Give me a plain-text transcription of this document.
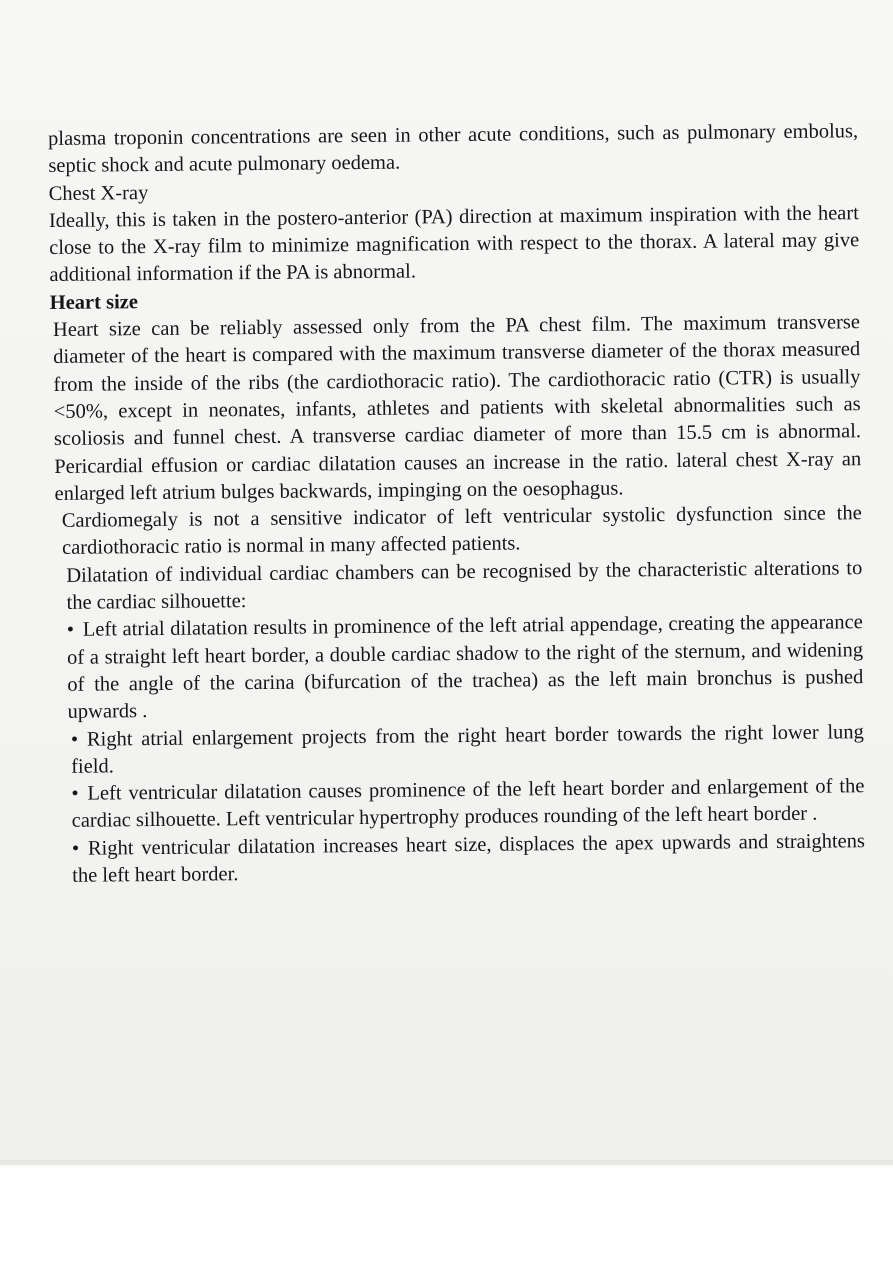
plasma troponin concentrations are seen in other acute conditions, such as pulmonary embolus, septic shock and acute pulmonary oedema.

Chest X-ray

Ideally, this is taken in the postero-anterior (PA) direction at maximum inspiration with the heart close to the X-ray film to minimize magnification with respect to the thorax. A lateral may give additional information if the PA is abnormal.

Heart size

Heart size can be reliably assessed only from the PA chest film. The maximum transverse diameter of the heart is compared with the maximum transverse diameter of the thorax measured from the inside of the ribs (the cardiothoracic ratio). The cardiothoracic ratio (CTR) is usually <50%, except in neonates, infants, athletes and patients with skeletal abnormalities such as scoliosis and funnel chest. A transverse cardiac diameter of more than 15.5 cm is abnormal. Pericardial effusion or cardiac dilatation causes an increase in the ratio. lateral chest X-ray an enlarged left atrium bulges backwards, impinging on the oesophagus.

Cardiomegaly is not a sensitive indicator of left ventricular systolic dysfunction since the cardiothoracic ratio is normal in many affected patients.

Dilatation of individual cardiac chambers can be recognised by the characteristic alterations to the cardiac silhouette:

• Left atrial dilatation results in prominence of the left atrial appendage, creating the appearance of a straight left heart border, a double cardiac shadow to the right of the sternum, and widening of the angle of the carina (bifurcation of the trachea) as the left main bronchus is pushed upwards .
• Right atrial enlargement projects from the right heart border towards the right lower lung field.
• Left ventricular dilatation causes prominence of the left heart border and enlargement of the cardiac silhouette. Left ventricular hypertrophy produces rounding of the left heart border .
• Right ventricular dilatation increases heart size, displaces the apex upwards and straightens the left heart border.
